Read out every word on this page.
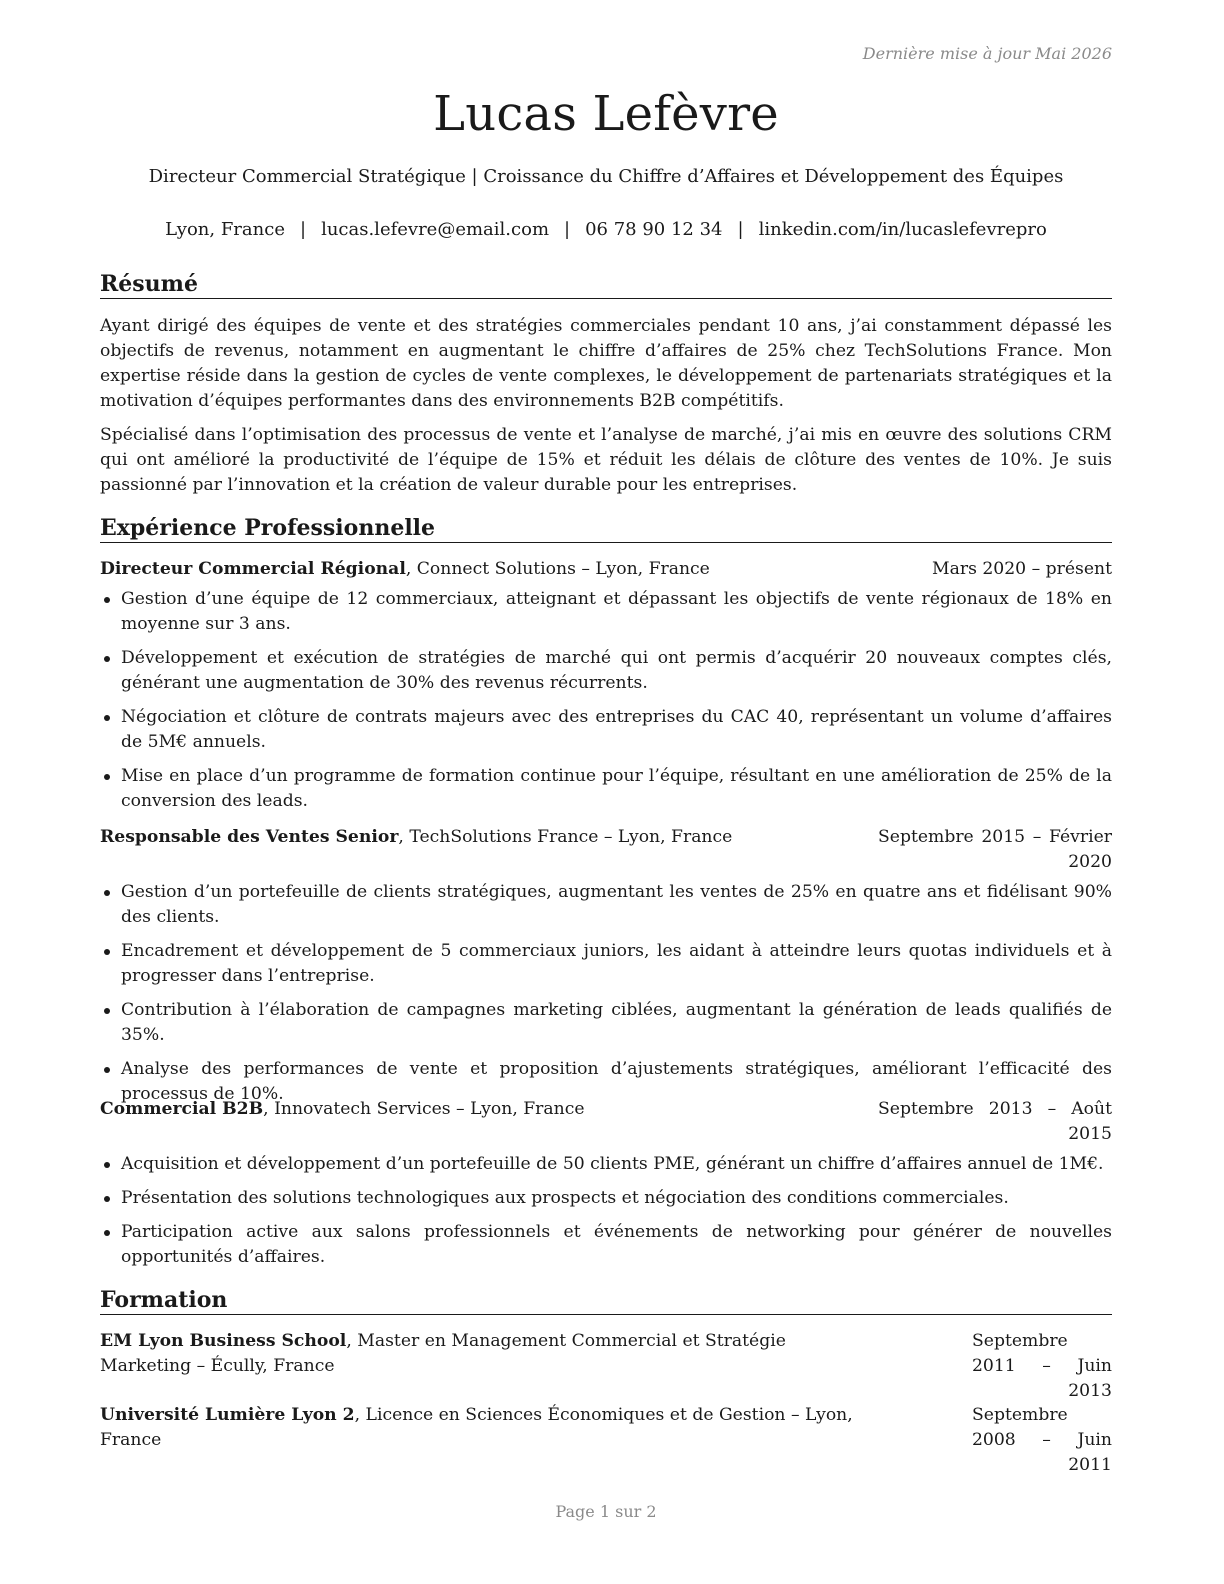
Dernière mise à jour Mai 2026
Lucas Lefèvre
Directeur Commercial Stratégique | Croissance du Chiffre d’Affaires et Développement des Équipes
Lyon, France | lucas.lefevre@email.com | 06 78 90 12 34 | linkedin.com/in/lucaslefevrepro
Résumé
Ayant dirigé des équipes de vente et des stratégies commerciales pendant 10 ans, j’ai constamment dépassé les objectifs de revenus, notamment en augmentant le chiffre d’affaires de 25% chez TechSolutions France. Mon expertise réside dans la gestion de cycles de vente complexes, le développement de partenariats stratégiques et la motivation d’équipes performantes dans des environnements B2B compétitifs.
Spécialisé dans l’optimisation des processus de vente et l’analyse de marché, j’ai mis en œuvre des solutions CRM qui ont amélioré la productivité de l’équipe de 15% et réduit les délais de clôture des ventes de 10%. Je suis passionné par l’innovation et la création de valeur durable pour les entreprises.
Expérience Professionnelle
Directeur Commercial Régional, Connect Solutions – Lyon, France	Mars 2020 – présent
Gestion d’une équipe de 12 commerciaux, atteignant et dépassant les objectifs de vente régionaux de 18% en moyenne sur 3 ans.
Développement et exécution de stratégies de marché qui ont permis d’acquérir 20 nouveaux comptes clés, générant une augmentation de 30% des revenus récurrents.
Négociation et clôture de contrats majeurs avec des entreprises du CAC 40, représentant un volume d’affaires de 5M€ annuels.
Mise en place d’un programme de formation continue pour l’équipe, résultant en une amélioration de 25% de la conversion des leads.
Responsable des Ventes Senior, TechSolutions France – Lyon, France	Septembre 2015 – Février 2020
Gestion d’un portefeuille de clients stratégiques, augmentant les ventes de 25% en quatre ans et fidélisant 90% des clients.
Encadrement et développement de 5 commerciaux juniors, les aidant à atteindre leurs quotas individuels et à progresser dans l’entreprise.
Contribution à l’élaboration de campagnes marketing ciblées, augmentant la génération de leads qualifiés de 35%.
Analyse des performances de vente et proposition d’ajustements stratégiques, améliorant l’efficacité des processus de 10%.
Commercial B2B, Innovatech Services – Lyon, France	Septembre 2013 – Août 2015
Acquisition et développement d’un portefeuille de 50 clients PME, générant un chiffre d’affaires annuel de 1M€.
Présentation des solutions technologiques aux prospects et négociation des conditions commerciales.
Participation active aux salons professionnels et événements de networking pour générer de nouvelles opportunités d’affaires.
Formation
EM Lyon Business School, Master en Management Commercial et Stratégie Marketing – Écully, France
Septembre 2011 – Juin 2013
Université Lumière Lyon 2, Licence en Sciences Économiques et de Gestion – Lyon, France
Septembre 2008 – Juin 2011
Page 1 sur 2
